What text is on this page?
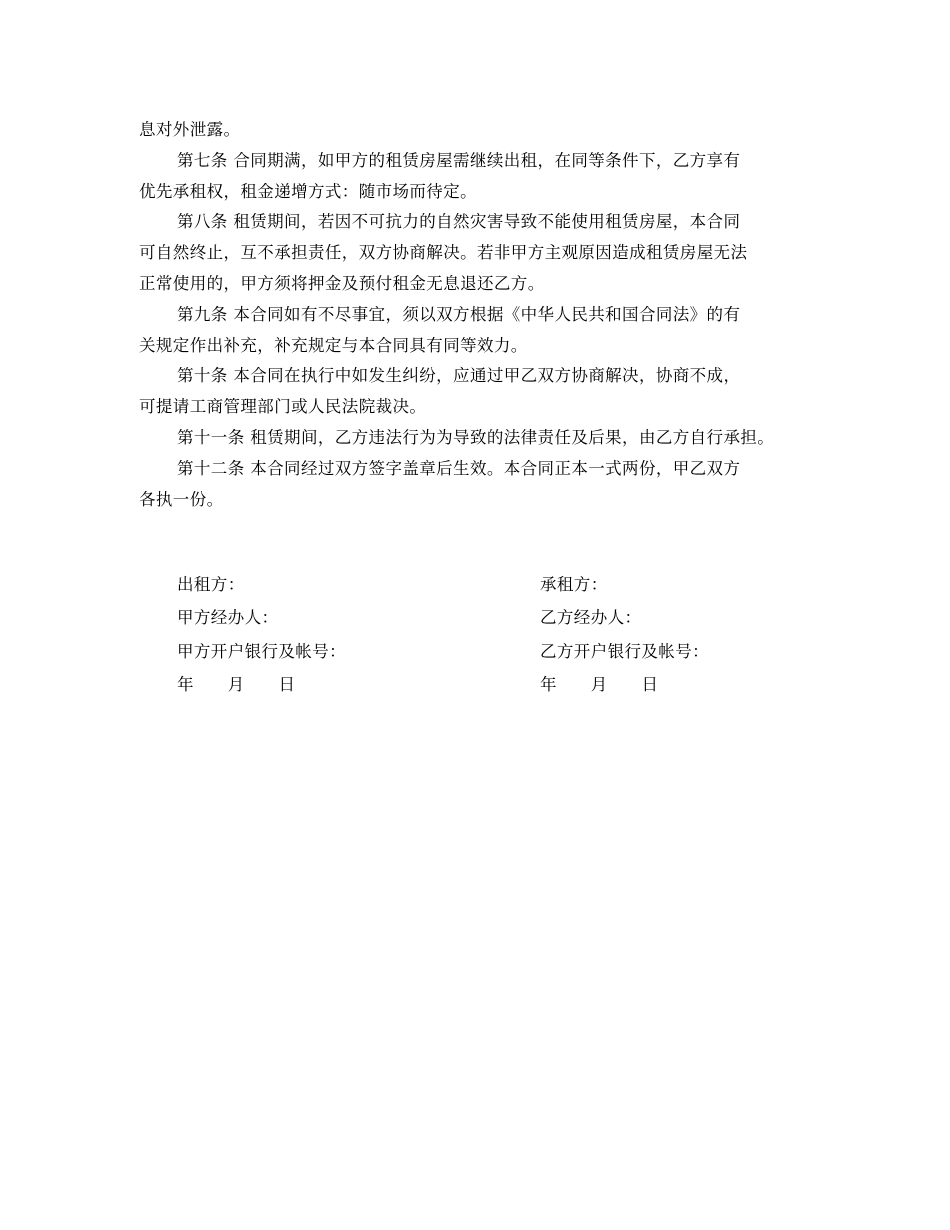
息对外泄露。
第七条 合同期满，如甲方的租赁房屋需继续出租，在同等条件下，乙方享有
优先承租权，租金递增方式：随市场而待定。
第八条 租赁期间，若因不可抗力的自然灾害导致不能使用租赁房屋，本合同
可自然终止，互不承担责任，双方协商解决。若非甲方主观原因造成租赁房屋无法
正常使用的，甲方须将押金及预付租金无息退还乙方。
第九条 本合同如有不尽事宜，须以双方根据《中华人民共和国合同法》的有
关规定作出补充，补充规定与本合同具有同等效力。
第十条 本合同在执行中如发生纠纷，应通过甲乙双方协商解决，协商不成，
可提请工商管理部门或人民法院裁决。
第十一条 租赁期间，乙方违法行为为导致的法律责任及后果，由乙方自行承担。
第十二条 本合同经过双方签字盖章后生效。本合同正本一式两份，甲乙双方
各执一份。
出租方：	承租方：
甲方经办人：	乙方经办人：
甲方开户银行及帐号：	乙方开户银行及帐号：
年      月      日	年      月      日
